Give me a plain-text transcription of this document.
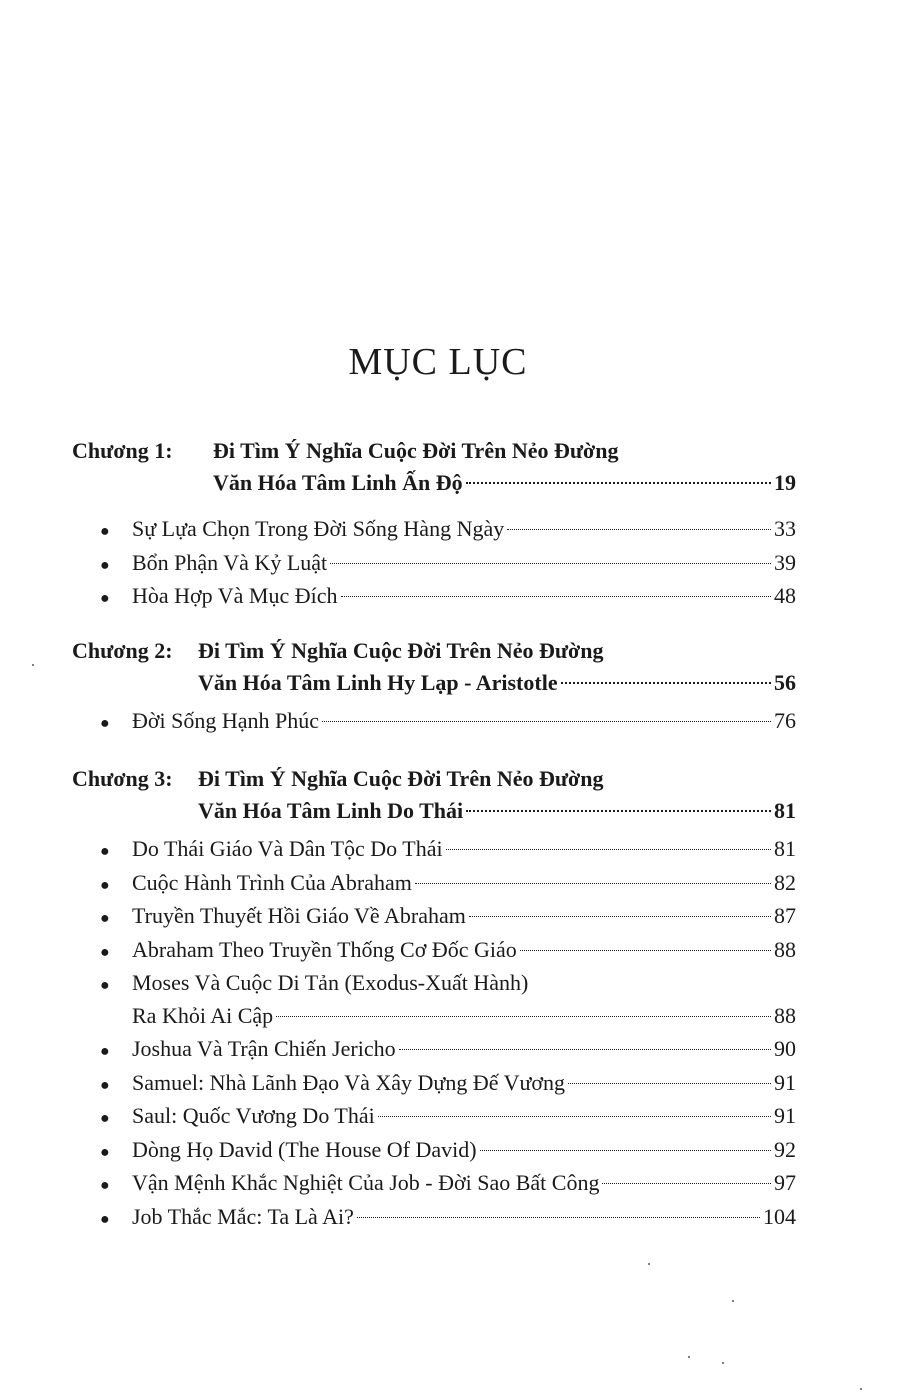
MỤC LỤC
Chương 1: Đi Tìm Ý Nghĩa Cuộc Đời Trên Nẻo Đường
Văn Hóa Tâm Linh Ấn Độ	19
●	Sự Lựa Chọn Trong Đời Sống Hàng Ngày	33
●	Bổn Phận Và Kỷ Luật	39
●	Hòa Hợp Và Mục Đích	48
Chương 2: Đi Tìm Ý Nghĩa Cuộc Đời Trên Nẻo Đường
Văn Hóa Tâm Linh Hy Lạp - Aristotle	56
●	Đời Sống Hạnh Phúc	76
Chương 3: Đi Tìm Ý Nghĩa Cuộc Đời Trên Nẻo Đường
Văn Hóa Tâm Linh Do Thái	81
●	Do Thái Giáo Và Dân Tộc Do Thái	81
●	Cuộc Hành Trình Của Abraham	82
●	Truyền Thuyết Hồi Giáo Về Abraham	87
●	Abraham Theo Truyền Thống Cơ Đốc Giáo	88
●	Moses Và Cuộc Di Tản (Exodus-Xuất Hành)
Ra Khỏi Ai Cập	88
●	Joshua Và Trận Chiến Jericho	90
●	Samuel: Nhà Lãnh Đạo Và Xây Dựng Đế Vương	91
●	Saul: Quốc Vương Do Thái	91
●	Dòng Họ David (The House Of David)	92
●	Vận Mệnh Khắc Nghiệt Của Job - Đời Sao Bất Công	97
●	Job Thắc Mắc: Ta Là Ai?	104
